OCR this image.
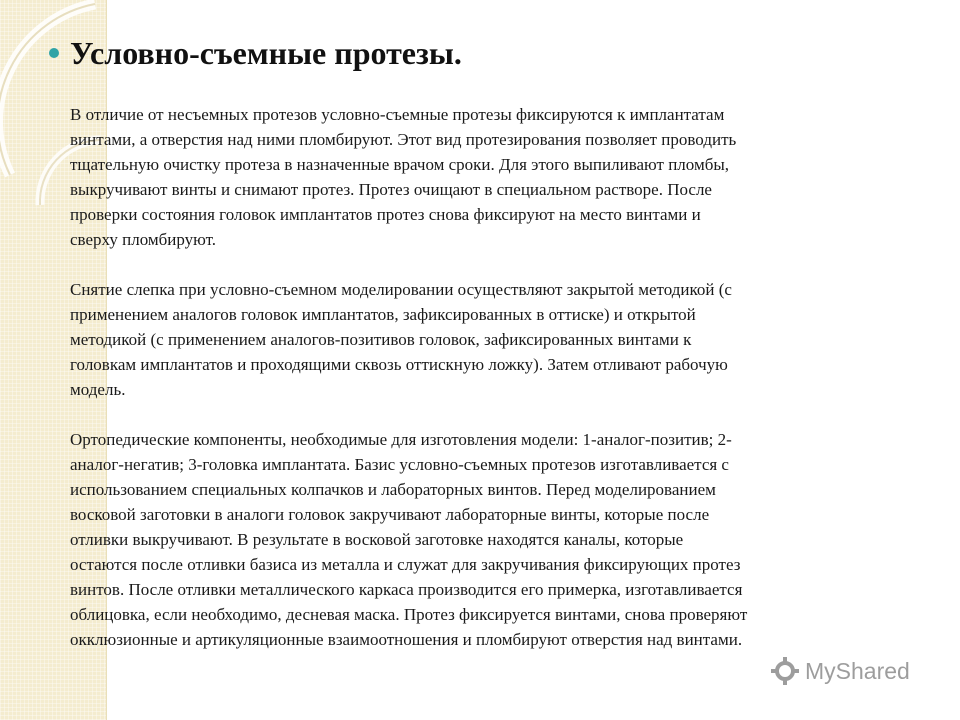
Условно-съемные протезы.

В отличие от несъемных протезов условно-съемные протезы фиксируются к имплантатам
винтами, а отверстия над ними пломбируют. Этот вид протезирования позволяет проводить
тщательную очистку протеза в назначенные врачом сроки. Для этого выпиливают пломбы,
выкручивают винты и снимают протез. Протез очищают в специальном растворе. После
проверки состояния головок имплантатов протез снова фиксируют на место винтами и
сверху пломбируют.

Снятие слепка при условно-съемном моделировании осуществляют закрытой методикой (с
применением аналогов головок имплантатов, зафиксированных в оттиске) и открытой
методикой (с применением аналогов-позитивов головок, зафиксированных винтами к
головкам имплантатов и проходящими сквозь оттискную ложку). Затем отливают рабочую
модель.

Ортопедические компоненты, необходимые для изготовления модели: 1-аналог-позитив; 2-
аналог-негатив; 3-головка имплантата. Базис условно-съемных протезов изготавливается с
использованием специальных колпачков и лабораторных винтов. Перед моделированием
восковой заготовки в аналоги головок закручивают лабораторные винты, которые после
отливки выкручивают. В результате в восковой заготовке находятся каналы, которые
остаются после отливки базиса из металла и служат для закручивания фиксирующих протез
винтов. После отливки металлического каркаса производится его примерка, изготавливается
облицовка, если необходимо, десневая маска. Протез фиксируется винтами, снова проверяют
окклюзионные и артикуляционные взаимоотношения и пломбируют отверстия над винтами.

MyShared
